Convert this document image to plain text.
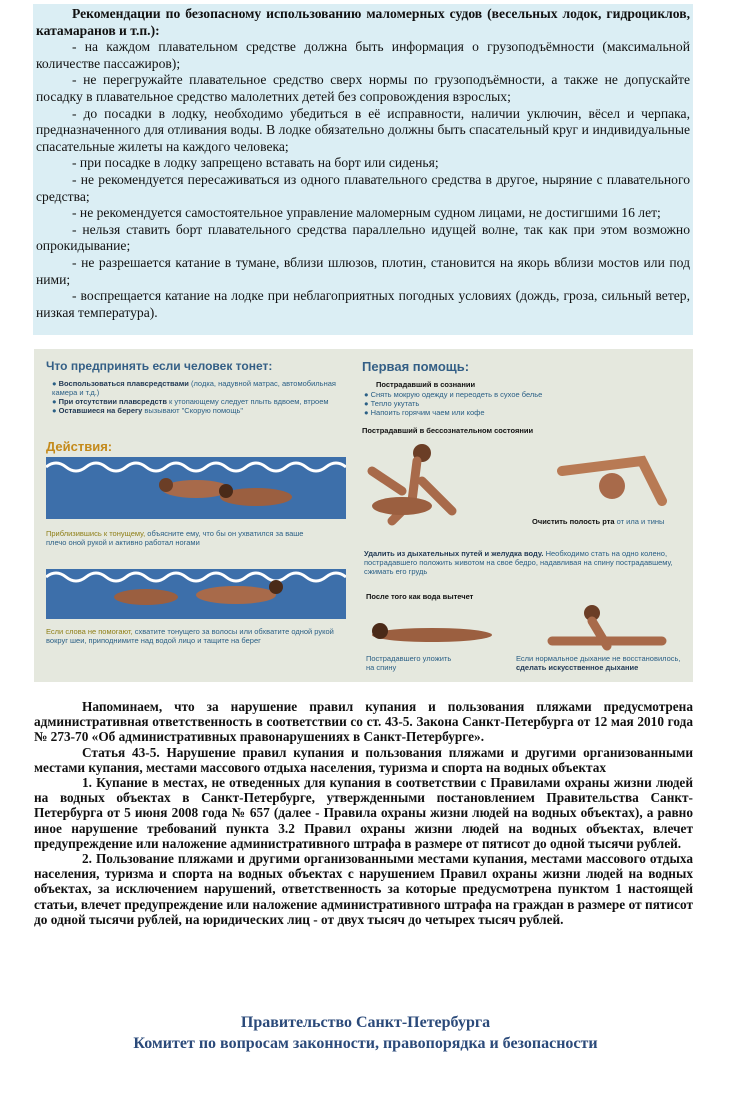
Рекомендации по безопасному использованию маломерных судов (весельных лодок, гидроциклов, катамаранов и т.п.):

- на каждом плавательном средстве должна быть информация о грузоподъёмности (максимальной количестве пассажиров);

- не перегружайте плавательное средство сверх нормы по грузоподъёмности, а также не допускайте посадку в плавательное средство малолетних детей без сопровождения взрослых;

- до посадки в лодку, необходимо убедиться в её исправности, наличии уключин, вёсел и черпака, предназначенного для отливания воды. В лодке обязательно должны быть спасательный круг и индивидуальные спасательные жилеты на каждого человека;

- при посадке в лодку запрещено вставать на борт или сиденья;

- не рекомендуется пересаживаться из одного плавательного средства в другое, ныряние с плавательного средства;

- не рекомендуется самостоятельное управление маломерным судном лицами, не достигшими 16 лет;

- нельзя ставить борт плавательного средства параллельно идущей волне, так как при этом возможно опрокидывание;

- не разрешается катание в тумане, вблизи шлюзов, плотин, становится на якорь вблизи мостов или под ними;

- воспрещается катание на лодке при неблагоприятных погодных условиях (дождь, гроза, сильный ветер, низкая температура).

Что предпринять если человек тонет:
● Воспользоваться плавсредствами (лодка, надувной матрас, автомобильная камера и т.д.)
● При отсутствии плавсредств к утопающему следует плыть вдвоем, втроем
● Оставшиеся на берегу вызывают "Скорую помощь"
Действия:
Приблизившись к тонущему, объясните ему, что бы он ухватился за ваше плечо оной рукой и активно работал ногами
Если слова не помогают, схватите тонущего за волосы или обхватите одной рукой вокруг шеи, приподнимите над водой лицо и тащите на берег
Первая помощь:
Пострадавший в сознании
● Снять мокрую одежду и переодеть в сухое белье
● Тепло укутать
● Напоить горячим чаем или кофе
Пострадавший в бессознательном состоянии
Очистить полость рта от ила и тины
Удалить из дыхательных путей и желудка воду. Необходимо стать на одно колено, пострадавшего положить животом на свое бедро, надавливая на спину пострадавшему, сжимать его грудь
После того как вода вытечет
Пострадавшего уложить на спину
Если нормальное дыхание не восстановилось, сделать искусственное дыхание

Напоминаем, что за нарушение правил купания и пользования пляжами предусмотрена административная ответственность в соответствии со ст. 43-5. Закона Санкт-Петербурга от 12 мая 2010 года № 273-70 «Об административных правонарушениях в Санкт-Петербурге».

Статья 43-5. Нарушение правил купания и пользования пляжами и другими организованными местами купания, местами массового отдыха населения, туризма и спорта на водных объектах

1. Купание в местах, не отведенных для купания в соответствии с Правилами охраны жизни людей на водных объектах в Санкт-Петербурге, утвержденными постановлением Правительства Санкт-Петербурга от 5 июня 2008 года № 657 (далее - Правила охраны жизни людей на водных объектах), а равно иное нарушение требований пункта 3.2 Правил охраны жизни людей на водных объектах, влечет предупреждение или наложение административного штрафа в размере от пятисот до одной тысячи рублей.

2. Пользование пляжами и другими организованными местами купания, местами массового отдыха населения, туризма и спорта на водных объектах с нарушением Правил охраны жизни людей на водных объектах, за исключением нарушений, ответственность за которые предусмотрена пунктом 1 настоящей статьи, влечет предупреждение или наложение административного штрафа на граждан в размере от пятисот до одной тысячи рублей, на юридических лиц - от двух тысяч до четырех тысяч рублей.

Правительство Санкт-Петербурга
Комитет по вопросам законности, правопорядка и безопасности
